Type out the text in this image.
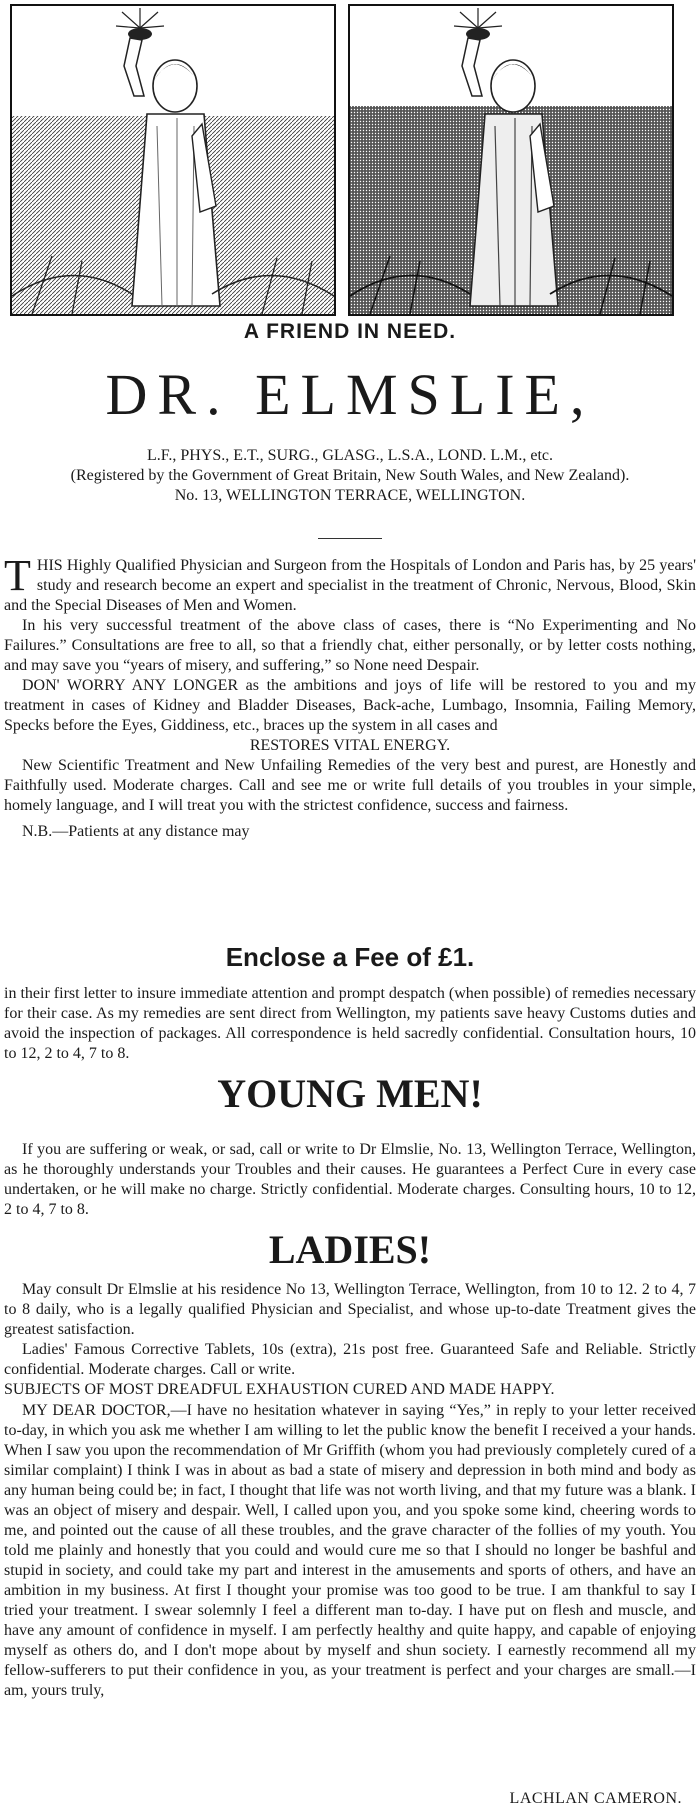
A FRIEND IN NEED.
DR. ELMSLIE,
L.F., PHYS., E.T., SURG., GLASG., L.S.A., LOND. L.M., etc.
(Registered by the Government of Great Britain, New South Wales, and New Zealand).
No. 13, WELLINGTON TERRACE, WELLINGTON.

THIS Highly Qualified Physician and Surgeon from the Hospitals of London and Paris has, by 25 years' study and research become an expert and specialist in the treatment of Chronic, Nervous, Blood, Skin and the Special Diseases of Men and Women.

In his very successful treatment of the above class of cases, there is “No Experimenting and No Failures.” Consultations are free to all, so that a friendly chat, either personally, or by letter costs nothing, and may save you “years of misery, and suffering,” so None need Despair.

DON' WORRY ANY LONGER as the ambitions and joys of life will be restored to you and my treatment in cases of Kidney and Bladder Diseases, Back-ache, Lumbago, Insomnia, Failing Memory, Specks before the Eyes, Giddiness, etc., braces up the system in all cases and

RESTORES VITAL ENERGY.

New Scientific Treatment and New Unfailing Remedies of the very best and purest, are Honestly and Faithfully used. Moderate charges. Call and see me or write full details of you troubles in your simple, homely language, and I will treat you with the strictest confidence, success and fairness.

N.B.—Patients at any distance may

Enclose a Fee of £1.
in their first letter to insure immediate attention and prompt despatch (when possible) of remedies necessary for their case. As my remedies are sent direct from Wellington, my patients save heavy Customs duties and avoid the inspection of packages. All correspondence is held sacredly confidential. Consultation hours, 10 to 12, 2 to 4, 7 to 8.
YOUNG MEN!
If you are suffering or weak, or sad, call or write to Dr Elmslie, No. 13, Wellington Terrace, Wellington, as he thoroughly understands your Troubles and their causes. He guarantees a Perfect Cure in every case undertaken, or he will make no charge. Strictly confidential. Moderate charges. Consulting hours, 10 to 12, 2 to 4, 7 to 8.
LADIES!

May consult Dr Elmslie at his residence No 13, Wellington Terrace, Wellington, from 10 to 12. 2 to 4, 7 to 8 daily, who is a legally qualified Physician and Specialist, and whose up-to-date Treatment gives the greatest satisfaction.

Ladies' Famous Corrective Tablets, 10s (extra), 21s post free. Guaranteed Safe and Reliable. Strictly confidential. Moderate charges. Call or write.

SUBJECTS OF MOST DREADFUL EXHAUSTION CURED AND MADE HAPPY.
MY DEAR DOCTOR,—I have no hesitation whatever in saying “Yes,” in reply to your letter received to-day, in which you ask me whether I am willing to let the public know the benefit I received a your hands. When I saw you upon the recommendation of Mr Griffith (whom you had previously completely cured of a similar complaint) I think I was in about as bad a state of misery and depression in both mind and body as any human being could be; in fact, I thought that life was not worth living, and that my future was a blank. I was an object of misery and despair. Well, I called upon you, and you spoke some kind, cheering words to me, and pointed out the cause of all these troubles, and the grave character of the follies of my youth. You told me plainly and honestly that you could and would cure me so that I should no longer be bashful and stupid in society, and could take my part and interest in the amusements and sports of others, and have an ambition in my business. At first I thought your promise was too good to be true. I am thankful to say I tried your treatment. I swear solemnly I feel a different man to-day. I have put on flesh and muscle, and have any amount of confidence in myself. I am perfectly healthy and quite happy, and capable of enjoying myself as others do, and I don't mope about by myself and shun society. I earnestly recommend all my fellow-sufferers to put their confidence in you, as your treatment is perfect and your charges are small.—I am, yours truly,
LACHLAN CAMERON.
